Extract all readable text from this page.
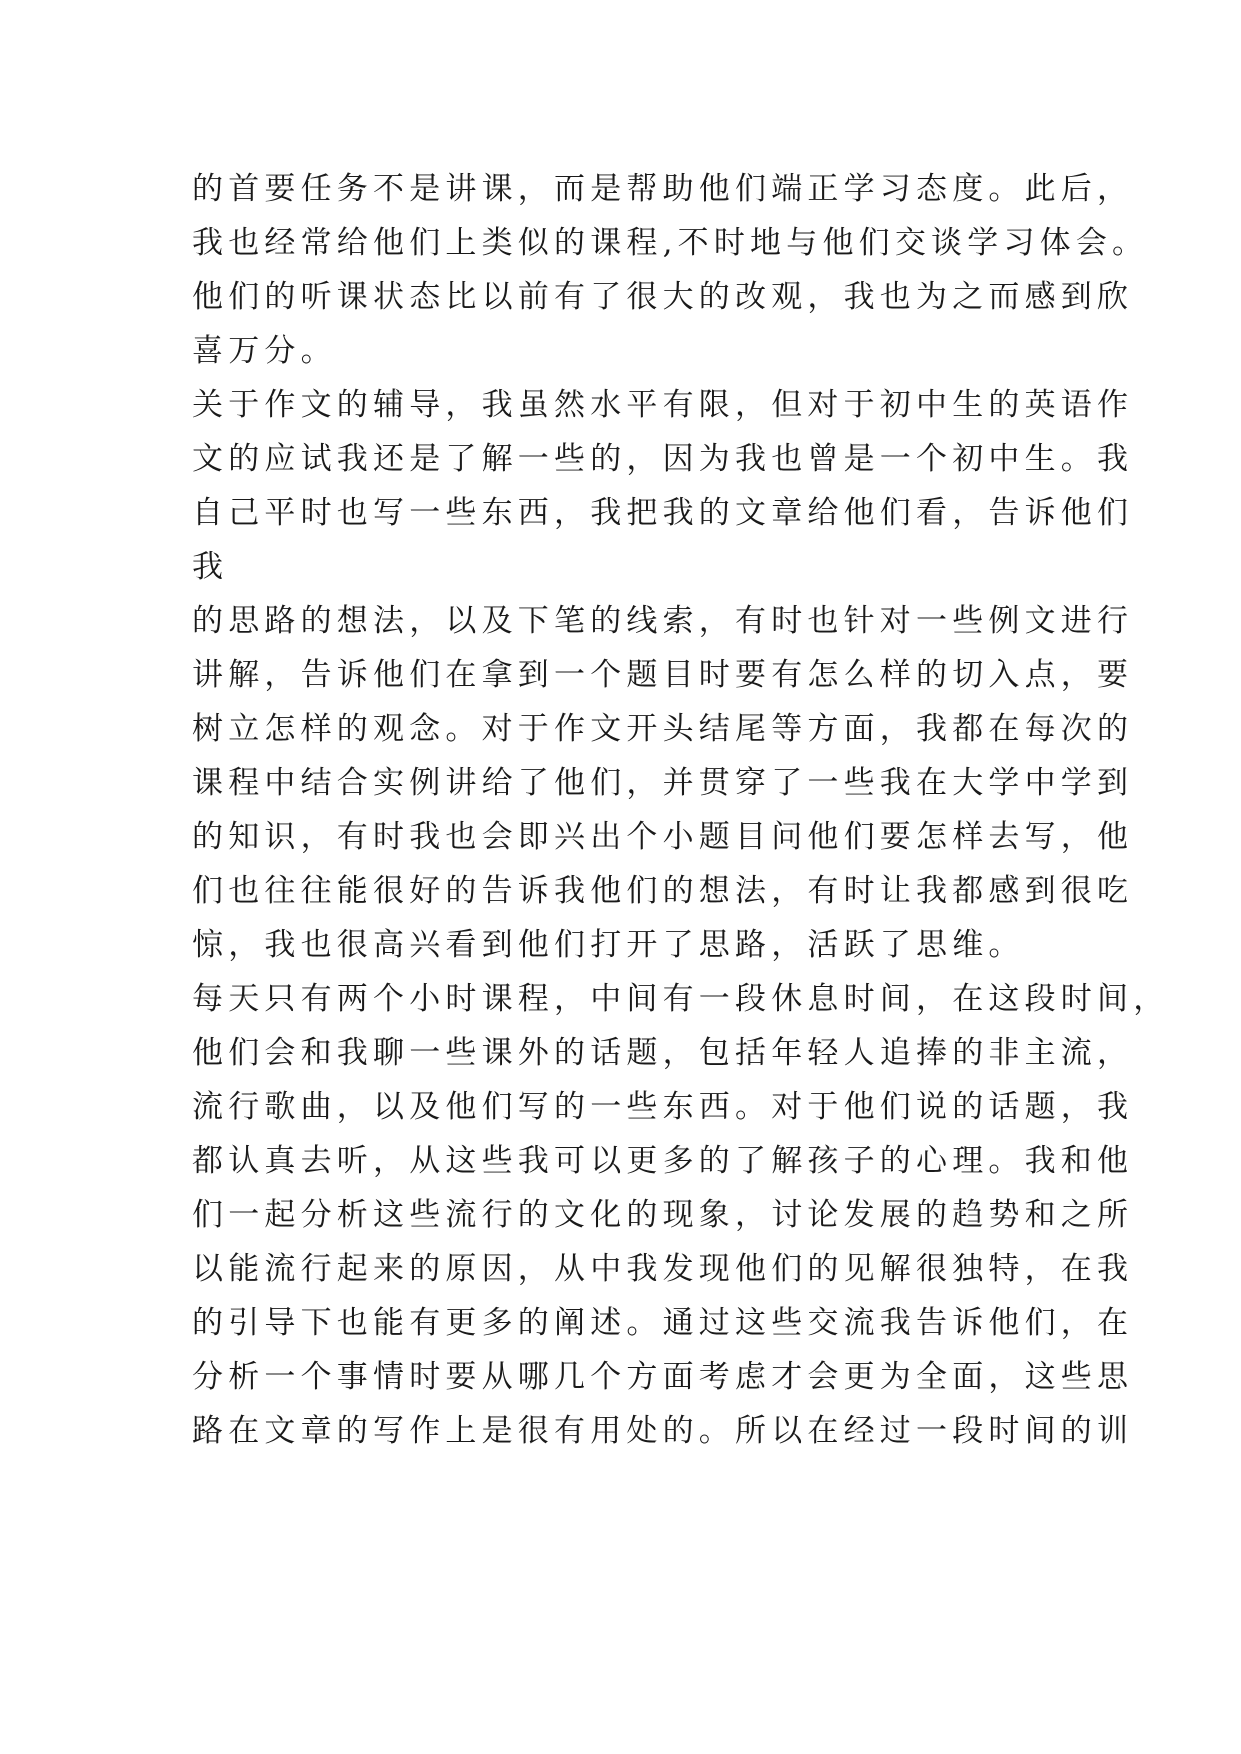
的首要任务不是讲课，而是帮助他们端正学习态度。此后，
我也经常给他们上类似的课程,不时地与他们交谈学习体会。
他们的听课状态比以前有了很大的改观，我也为之而感到欣
喜万分。
关于作文的辅导，我虽然水平有限，但对于初中生的英语作
文的应试我还是了解一些的，因为我也曾是一个初中生。我
自己平时也写一些东西，我把我的文章给他们看，告诉他们
我
的思路的想法，以及下笔的线索，有时也针对一些例文进行
讲解，告诉他们在拿到一个题目时要有怎么样的切入点，要
树立怎样的观念。对于作文开头结尾等方面，我都在每次的
课程中结合实例讲给了他们，并贯穿了一些我在大学中学到
的知识，有时我也会即兴出个小题目问他们要怎样去写，他
们也往往能很好的告诉我他们的想法，有时让我都感到很吃
惊，我也很高兴看到他们打开了思路，活跃了思维。
每天只有两个小时课程，中间有一段休息时间，在这段时间，
他们会和我聊一些课外的话题，包括年轻人追捧的非主流，
流行歌曲，以及他们写的一些东西。对于他们说的话题，我
都认真去听，从这些我可以更多的了解孩子的心理。我和他
们一起分析这些流行的文化的现象，讨论发展的趋势和之所
以能流行起来的原因，从中我发现他们的见解很独特，在我
的引导下也能有更多的阐述。通过这些交流我告诉他们，在
分析一个事情时要从哪几个方面考虑才会更为全面，这些思
路在文章的写作上是很有用处的。所以在经过一段时间的训
